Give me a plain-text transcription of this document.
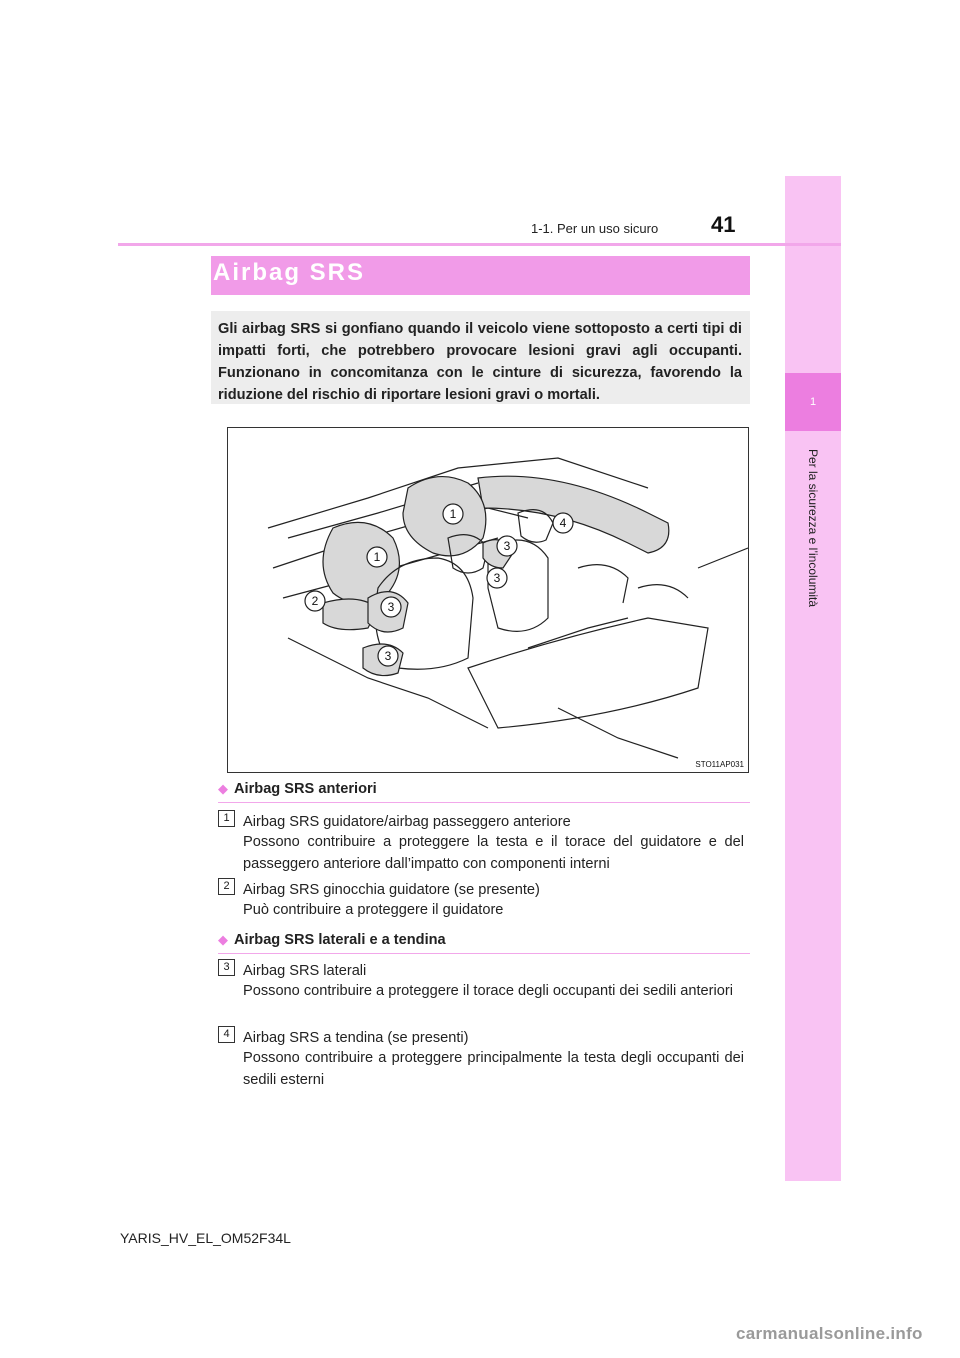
1
Per la sicurezza e l’incolumità
1-1. Per un uso sicuro 41
Airbag SRS
Gli airbag SRS si gonfiano quando il veicolo viene sottoposto a certi tipi di impatti forti, che potrebbero provocare lesioni gravi agli occupanti. Funzionano in concomitanza con le cinture di sicurezza, favorendo la riduzione del rischio di riportare lesioni gravi o mortali.
1
1
2
3
3
3
3
4
STO11AP031
◆ Airbag SRS anteriori
1 Airbag SRS guidatore/airbag passeggero anteriore
Possono contribuire a proteggere la testa e il torace del guidatore e del passeggero anteriore dall’impatto con componenti interni
2 Airbag SRS ginocchia guidatore (se presente)
Può contribuire a proteggere il guidatore
◆ Airbag SRS laterali e a tendina
3 Airbag SRS laterali
Possono contribuire a proteggere il torace degli occupanti dei sedili anteriori
4 Airbag SRS a tendina (se presenti)
Possono contribuire a proteggere principalmente la testa degli occupanti dei sedili esterni
YARIS_HV_EL_OM52F34L
carmanualsonline.info
